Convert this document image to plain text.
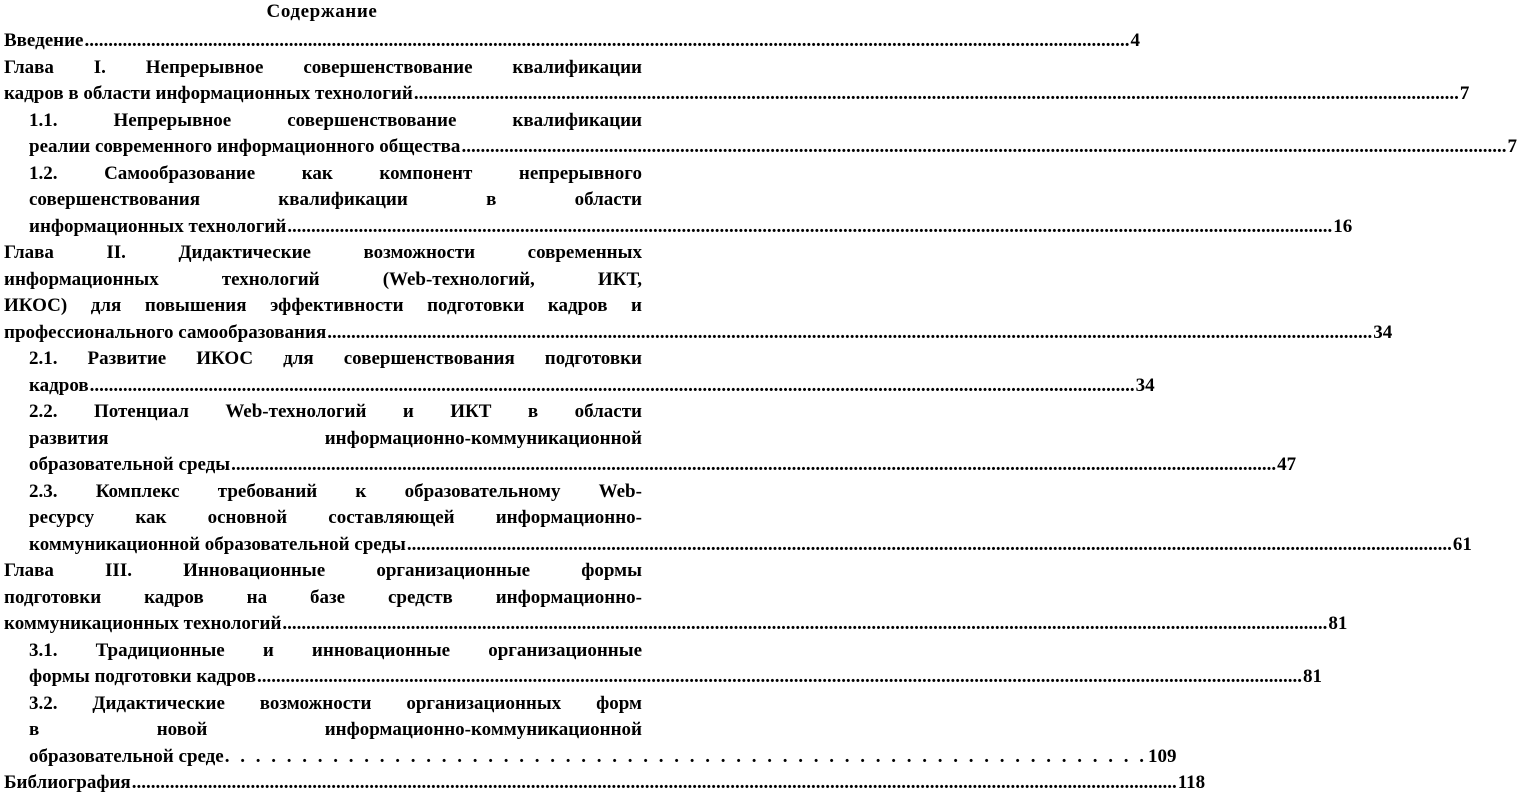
Содержание
Введение ............................................................................................................................................................................................................................ 4
Глава I. Непрерывное совершенствование квалификации
кадров в области информационных технологий ............................................................................................................................................................................................................................ 7
1.1.	Непрерывное	совершенствование	квалификации
реалии современного информационного общества ............................................................................................................................................................................................................................ 7
1.2. Самообразование как компонент непрерывного
совершенствования	квалификации	в	области
информационных технологий ............................................................................................................................................................................................................................ 16
Глава	II.	Дидактические	возможности	современных
информационных	технологий	(Web-технологий,	ИКТ,
ИКОС) для повышения эффективности подготовки кадров и
профессионального самообразования ............................................................................................................................................................................................................................ 34
2.1. Развитие ИКОС для совершенствования подготовки
кадров ............................................................................................................................................................................................................................ 34
2.2. Потенциал Web-технологий и ИКТ в области
развития	информационно-коммуникационной
образовательной среды ............................................................................................................................................................................................................................ 47
2.3. Комплекс требований к образовательному Web-
ресурсу как основной составляющей информационно-
коммуникационной образовательной среды ............................................................................................................................................................................................................................ 61
Глава	III.	Инновационные	организационные	формы
подготовки кадров на базе средств информационно-
коммуникационных технологий ............................................................................................................................................................................................................................ 81
3.1. Традиционные и инновационные организационные
формы подготовки кадров ............................................................................................................................................................................................................................ 81
3.2. Дидактические возможности организационных форм
в	новой	информационно-коммуникационной
образовательной среде . . . . . . . . . . . . . . . . . . . . . . . . . . . . . . . . . . . . . . . . . . . . . . . . . . . . . . . . . . . . 109
Библиография ............................................................................................................................................................................................................................ 118
